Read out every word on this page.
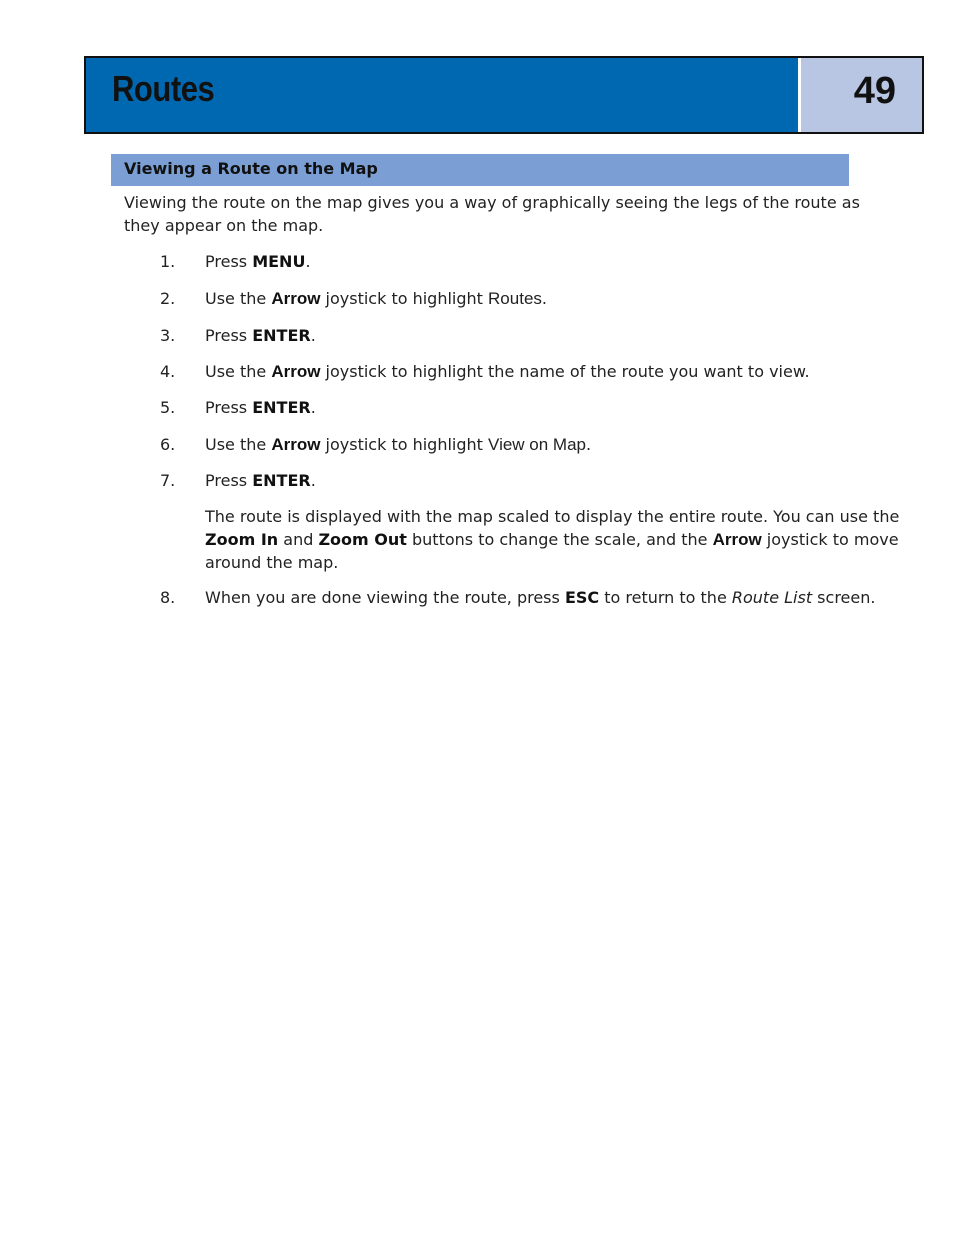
Routes	49
Viewing a Route on the Map
Viewing the route on the map gives you a way of graphically seeing the legs of the route as they appear on the map.
1. Press MENU.
2. Use the Arrow joystick to highlight Routes.
3. Press ENTER.
4. Use the Arrow joystick to highlight the name of the route you want to view.
5. Press ENTER.
6. Use the Arrow joystick to highlight View on Map.
7. Press ENTER.
The route is displayed with the map scaled to display the entire route. You can use the Zoom In and Zoom Out buttons to change the scale, and the Arrow joystick to move around the map.
8. When you are done viewing the route, press ESC to return to the Route List screen.
